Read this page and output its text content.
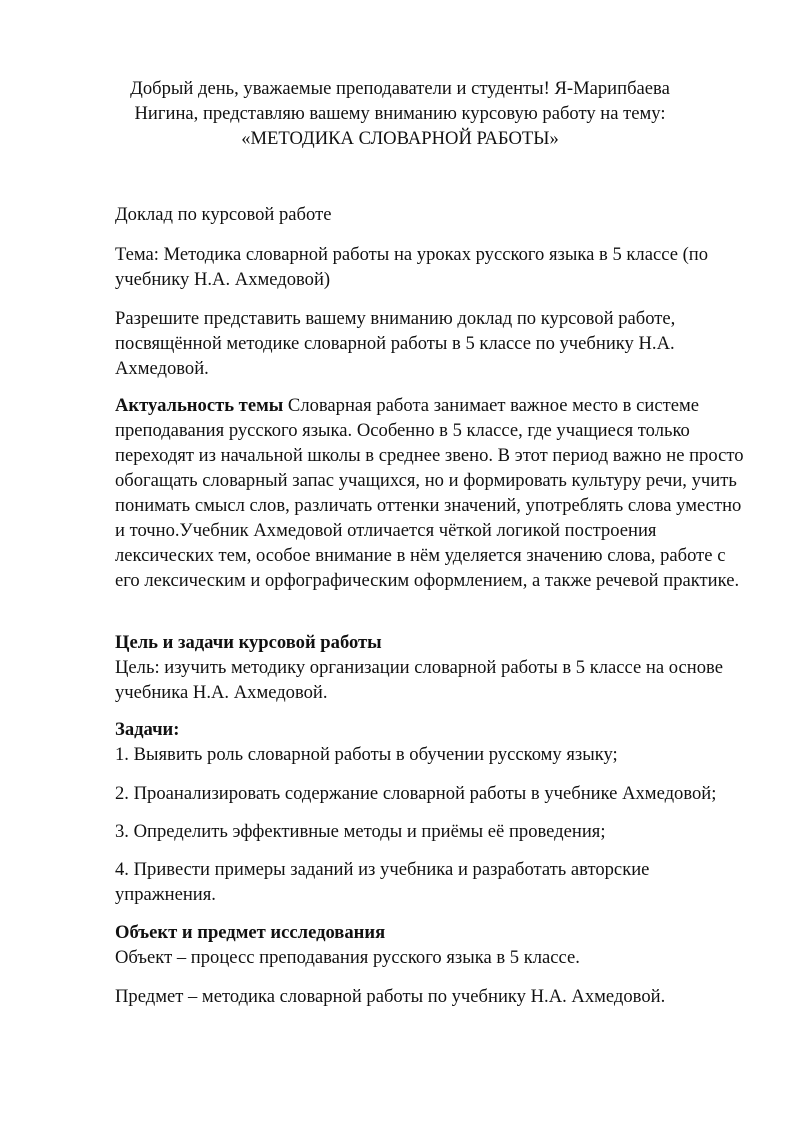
Добрый день, уважаемые преподаватели и студенты! Я-Марипбаева
Нигина, представляю вашему вниманию курсовую работу на тему:
«МЕТОДИКА СЛОВАРНОЙ РАБОТЫ»

Доклад по курсовой работе

Тема: Методика словарной работы на уроках русского языка в 5 классе (по учебнику Н.А. Ахмедовой)

Разрешите представить вашему вниманию доклад по курсовой работе, посвящённой методике словарной работы в 5 классе по учебнику Н.А. Ахмедовой.

Актуальность темы Словарная работа занимает важное место в системе преподавания русского языка. Особенно в 5 классе, где учащиеся только переходят из начальной школы в среднее звено. В этот период важно не просто обогащать словарный запас учащихся, но и формировать культуру речи, учить понимать смысл слов, различать оттенки значений, употреблять слова уместно и точно.Учебник Ахмедовой отличается чёткой логикой построения лексических тем, особое внимание в нём уделяется значению слова, работе с его лексическим и орфографическим оформлением, а также речевой практике.

Цель и задачи курсовой работы

Цель: изучить методику организации словарной работы в 5 классе на основе учебника Н.А. Ахмедовой.

Задачи:

1. Выявить роль словарной работы в обучении русскому языку;

2. Проанализировать содержание словарной работы в учебнике Ахмедовой;

3. Определить эффективные методы и приёмы её проведения;

4. Привести примеры заданий из учебника и разработать авторские упражнения.

Объект и предмет исследования

Объект – процесс преподавания русского языка в 5 классе.

Предмет – методика словарной работы по учебнику Н.А. Ахмедовой.
